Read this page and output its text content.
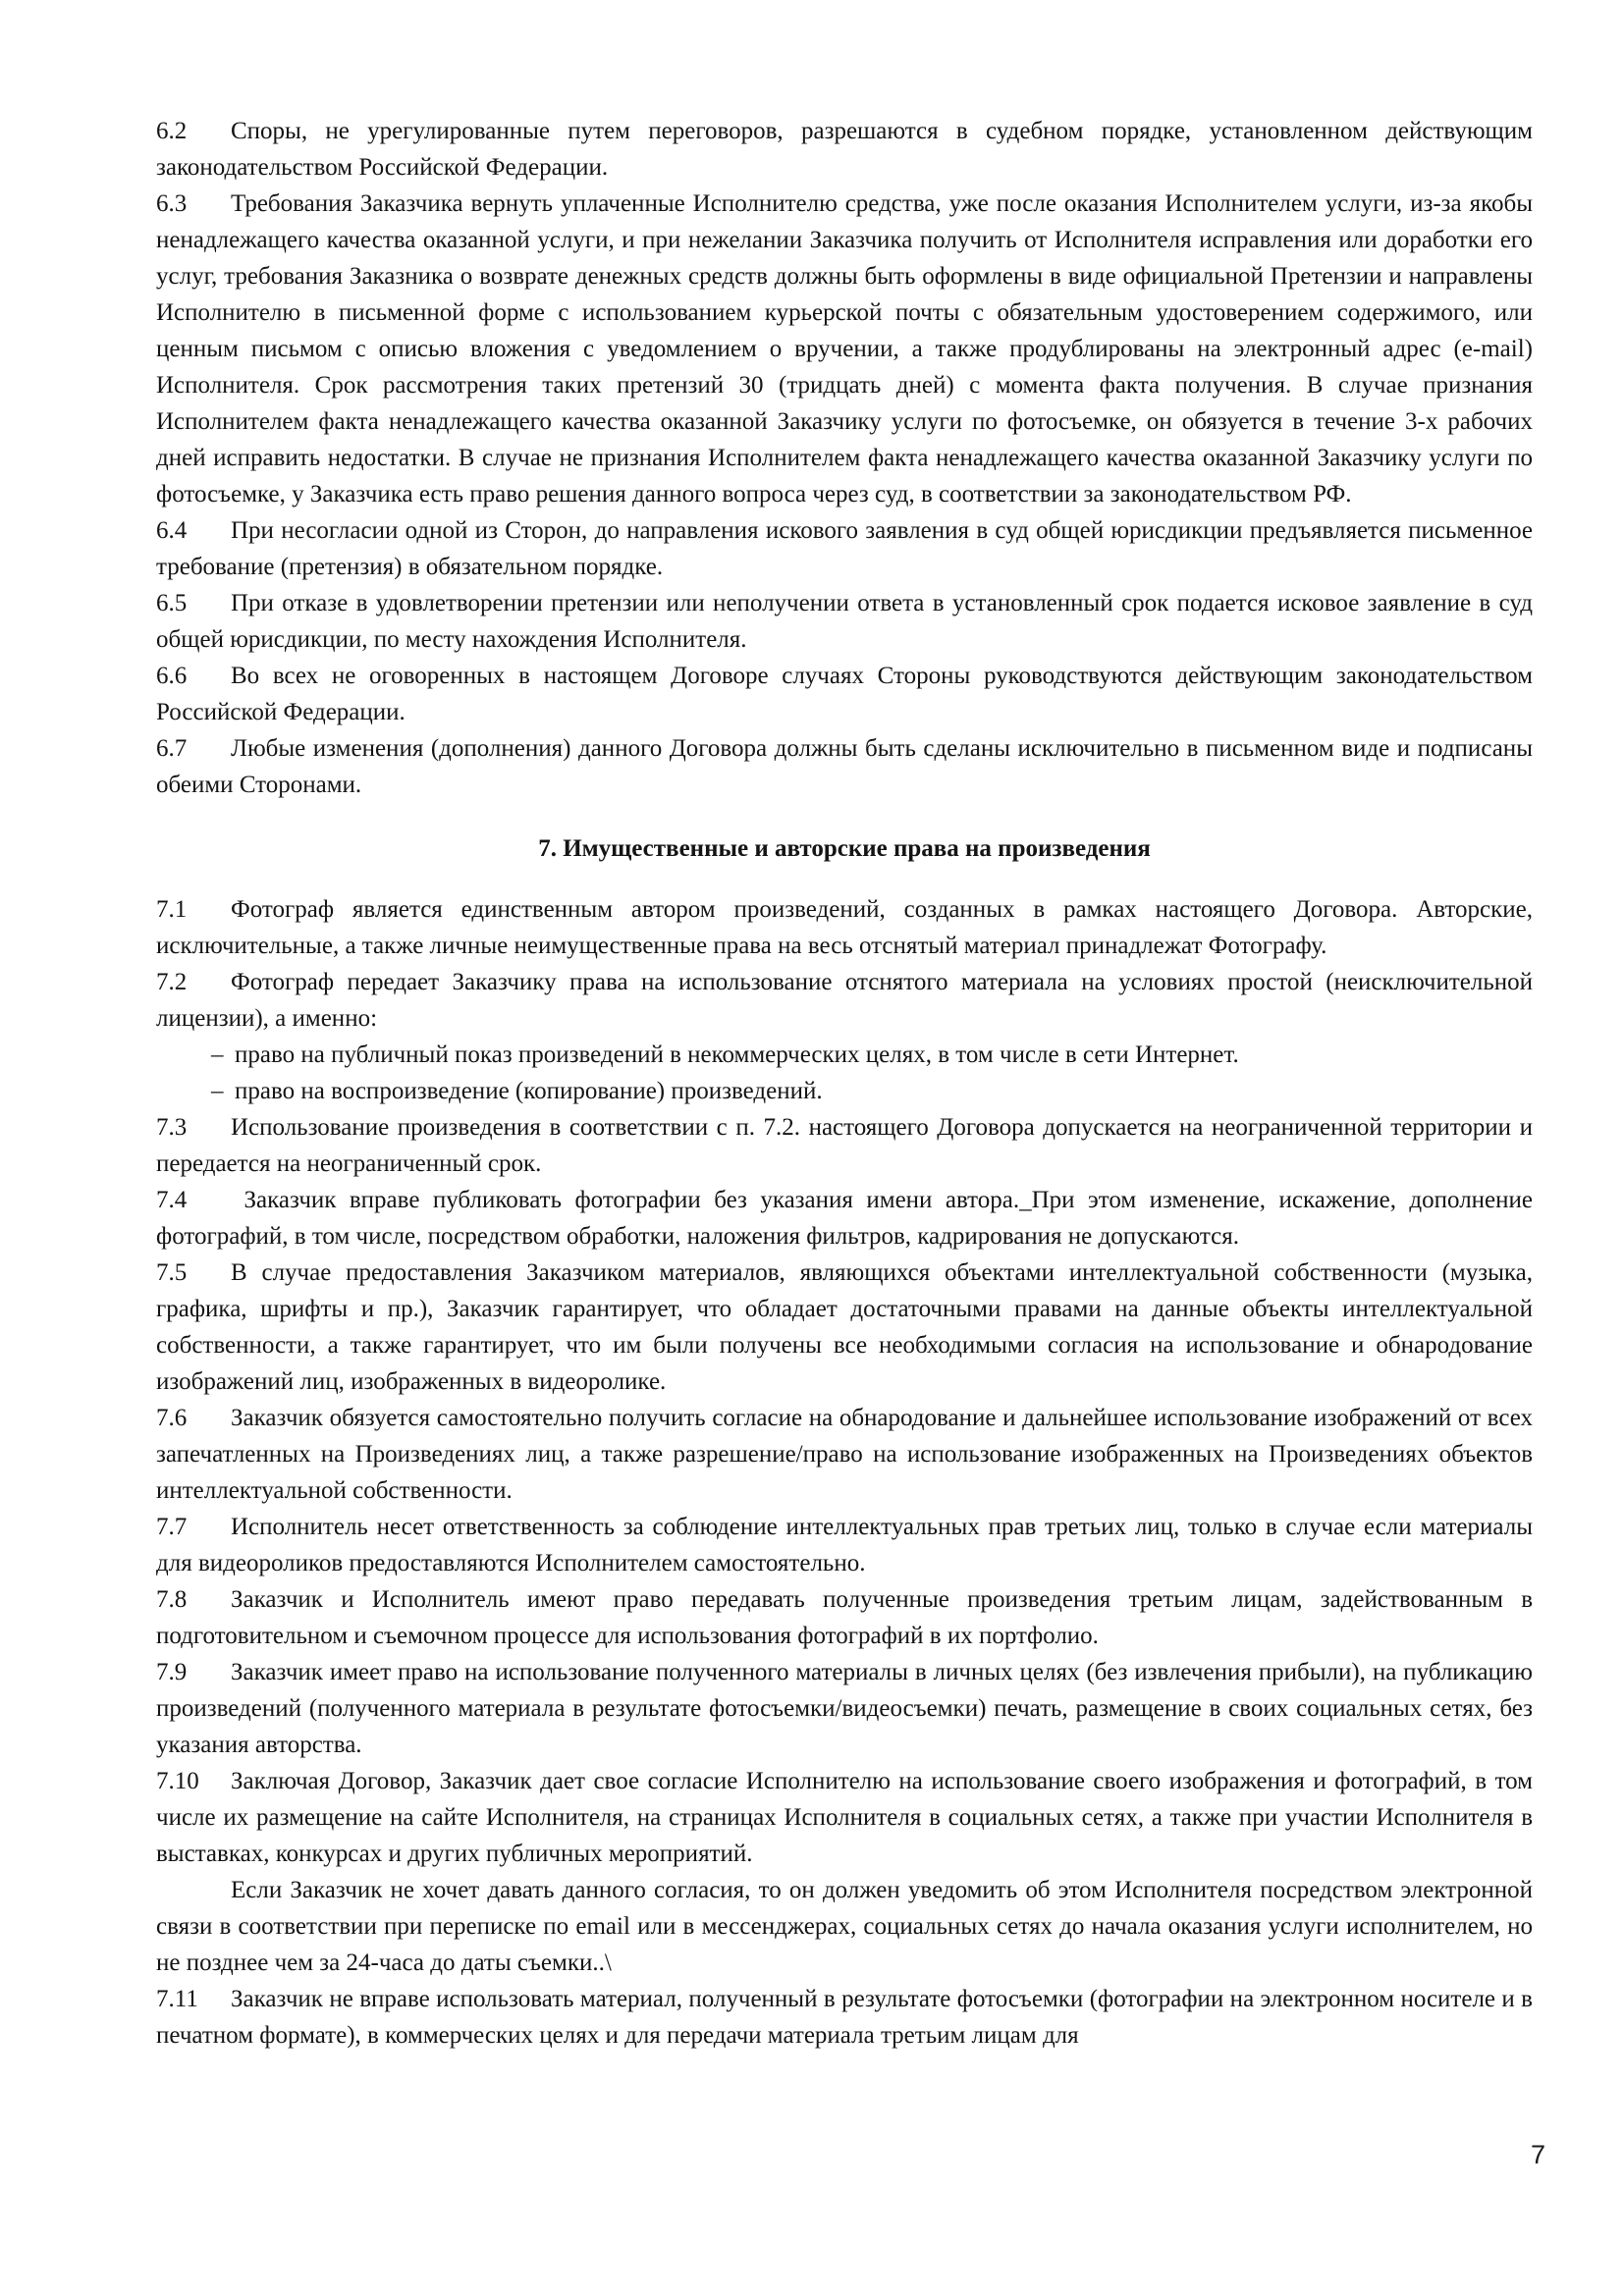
6.2 Споры, не урегулированные путем переговоров, разрешаются в судебном порядке, установленном действующим законодательством Российской Федерации.

6.3 Требования Заказчика вернуть уплаченные Исполнителю средства, уже после оказания Исполнителем услуги, из-за якобы ненадлежащего качества оказанной услуги, и при нежелании Заказчика получить от Исполнителя исправления или доработки его услуг, требования Заказника о возврате денежных средств должны быть оформлены в виде официальной Претензии и направлены Исполнителю в письменной форме с использованием курьерской почты с обязательным удостоверением содержимого, или ценным письмом с описью вложения с уведомлением о вручении, а также продублированы на электронный адрес (e-mail) Исполнителя. Срок рассмотрения таких претензий 30 (тридцать дней) с момента факта получения. В случае признания Исполнителем факта ненадлежащего качества оказанной Заказчику услуги по фотосъемке, он обязуется в течение 3-х рабочих дней исправить недостатки. В случае не признания Исполнителем факта ненадлежащего качества оказанной Заказчику услуги по фотосъемке, у Заказчика есть право решения данного вопроса через суд, в соответствии за законодательством РФ.

6.4 При несогласии одной из Сторон, до направления искового заявления в суд общей юрисдикции предъявляется письменное требование (претензия) в обязательном порядке.

6.5 При отказе в удовлетворении претензии или неполучении ответа в установленный срок подается исковое заявление в суд общей юрисдикции, по месту нахождения Исполнителя.

6.6 Во всех не оговоренных в настоящем Договоре случаях Стороны руководствуются действующим законодательством Российской Федерации.

6.7 Любые изменения (дополнения) данного Договора должны быть сделаны исключительно в письменном виде и подписаны обеими Сторонами.

7. Имущественные и авторские права на произведения

7.1 Фотограф является единственным автором произведений, созданных в рамках настоящего Договора. Авторские, исключительные, а также личные неимущественные права на весь отснятый материал принадлежат Фотографу.

7.2 Фотограф передает Заказчику права на использование отснятого материала на условиях простой (неисключительной лицензии), а именно:

– право на публичный показ произведений в некоммерческих целях, в том числе в сети Интернет.
– право на воспроизведение (копирование) произведений.

7.3 Использование произведения в соответствии с п. 7.2. настоящего Договора допускается на неограниченной территории и передается на неограниченный срок.

7.4 Заказчик вправе публиковать фотографии без указания имени автора._При этом изменение, искажение, дополнение фотографий, в том числе, посредством обработки, наложения фильтров, кадрирования не допускаются.

7.5 В случае предоставления Заказчиком материалов, являющихся объектами интеллектуальной собственности (музыка, графика, шрифты и пр.), Заказчик гарантирует, что обладает достаточными правами на данные объекты интеллектуальной собственности, а также гарантирует, что им были получены все необходимыми согласия на использование и обнародование изображений лиц, изображенных в видеоролике.

7.6 Заказчик обязуется самостоятельно получить согласие на обнародование и дальнейшее использование изображений от всех запечатленных на Произведениях лиц, а также разрешение/право на использование изображенных на Произведениях объектов интеллектуальной собственности.

7.7 Исполнитель несет ответственность за соблюдение интеллектуальных прав третьих лиц, только в случае если материалы для видеороликов предоставляются Исполнителем самостоятельно.

7.8 Заказчик и Исполнитель имеют право передавать полученные произведения третьим лицам, задействованным в подготовительном и съемочном процессе для использования фотографий в их портфолио.

7.9 Заказчик имеет право на использование полученного материалы в личных целях (без извлечения прибыли), на публикацию произведений (полученного материала в результате фотосъемки/видеосъемки) печать, размещение в своих социальных сетях, без указания авторства.

7.10 Заключая Договор, Заказчик дает свое согласие Исполнителю на использование своего изображения и фотографий, в том числе их размещение на сайте Исполнителя, на страницах Исполнителя в социальных сетях, а также при участии Исполнителя в выставках, конкурсах и других публичных мероприятий.

Если Заказчик не хочет давать данного согласия, то он должен уведомить об этом Исполнителя посредством электронной связи в соответствии при переписке по email или в мессенджерах, социальных сетях до начала оказания услуги исполнителем, но не позднее чем за 24-часа до даты съемки..\

7.11 Заказчик не вправе использовать материал, полученный в результате фотосъемки (фотографии на электронном носителе и в печатном формате), в коммерческих целях и для передачи материала третьим лицам для

7
